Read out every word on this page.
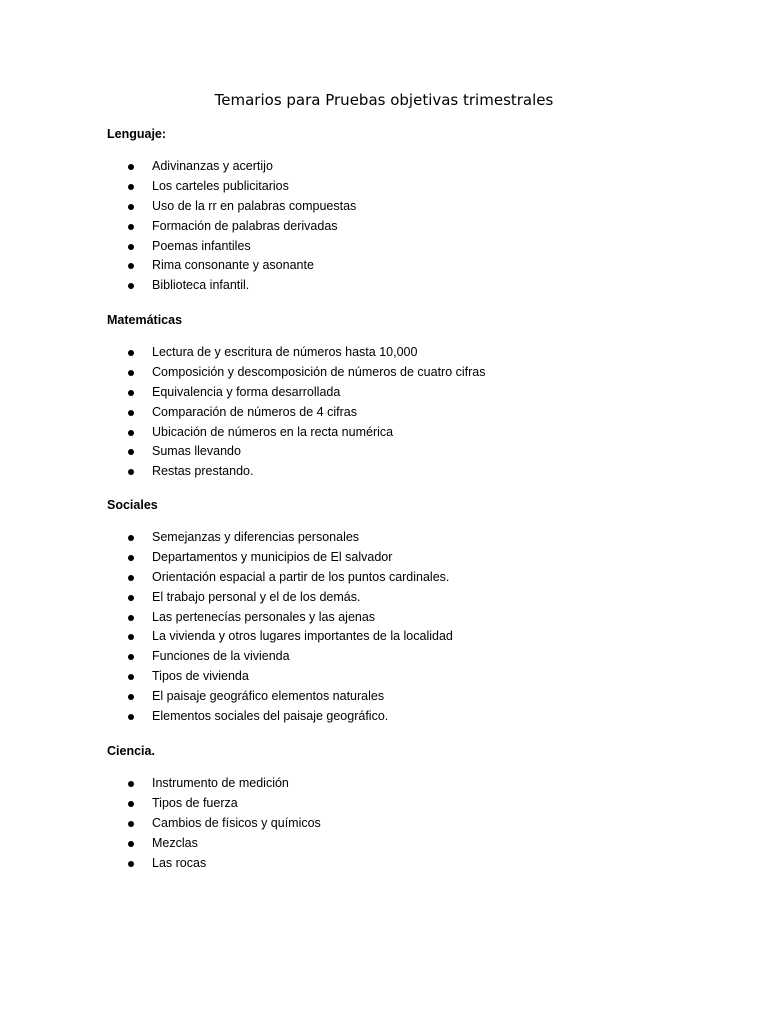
Temarios para Pruebas objetivas trimestrales
Lenguaje:
Adivinanzas y acertijo
Los carteles publicitarios
Uso de la rr en palabras compuestas
Formación de palabras derivadas
Poemas infantiles
Rima consonante y asonante
Biblioteca infantil.
Matemáticas
Lectura de y escritura de números hasta 10,000
Composición y descomposición de números de cuatro cifras
Equivalencia y forma desarrollada
Comparación de números de 4 cifras
Ubicación de números en la recta numérica
Sumas llevando
Restas prestando.
Sociales
Semejanzas y diferencias personales
Departamentos y municipios de El salvador
Orientación espacial a partir de los puntos cardinales.
El trabajo personal y el de los demás.
Las pertenecías personales y las ajenas
La vivienda y otros lugares importantes de la localidad
Funciones de la vivienda
Tipos de vivienda
El paisaje geográfico elementos naturales
Elementos sociales del paisaje geográfico.
Ciencia.
Instrumento de medición
Tipos de fuerza
Cambios de físicos y químicos
Mezclas
Las rocas
